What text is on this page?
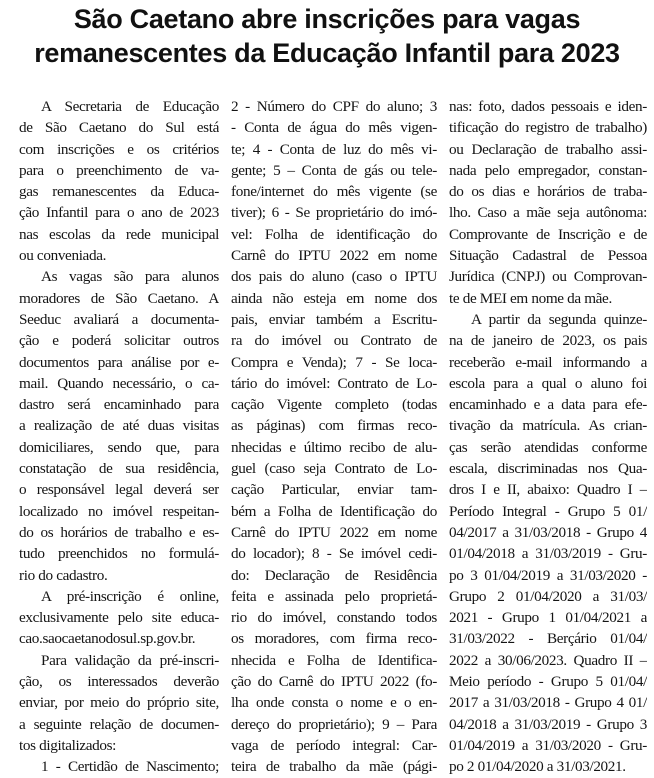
São Caetano abre inscrições para vagas
remanescentes da Educação Infantil para 2023
A Secretaria de Educação
de São Caetano do Sul está
com inscrições e os critérios
para o preenchimento de va-
gas remanescentes da Educa-
ção Infantil para o ano de 2023
nas escolas da rede municipal
ou conveniada.
As vagas são para alunos
moradores de São Caetano. A
Seeduc avaliará a documenta-
ção e poderá solicitar outros
documentos para análise por e-
mail. Quando necessário, o ca-
dastro será encaminhado para
a realização de até duas visitas
domiciliares, sendo que, para
constatação de sua residência,
o responsável legal deverá ser
localizado no imóvel respeitan-
do os horários de trabalho e es-
tudo preenchidos no formulá-
rio do cadastro.
A pré-inscrição é online,
exclusivamente pelo site educa-
cao.saocaetanodosul.sp.gov.br.
Para validação da pré-inscri-
ção, os interessados deverão
enviar, por meio do próprio site,
a seguinte relação de documen-
tos digitalizados:
1 - Certidão de Nascimento;
2 - Número do CPF do aluno; 3
- Conta de água do mês vigen-
te; 4 - Conta de luz do mês vi-
gente; 5 – Conta de gás ou tele-
fone/internet do mês vigente (se
tiver); 6 - Se proprietário do imó-
vel: Folha de identificação do
Carnê do IPTU 2022 em nome
dos pais do aluno (caso o IPTU
ainda não esteja em nome dos
pais, enviar também a Escritu-
ra do imóvel ou Contrato de
Compra e Venda); 7 - Se loca-
tário do imóvel: Contrato de Lo-
cação Vigente completo (todas
as páginas) com firmas reco-
nhecidas e último recibo de alu-
guel (caso seja Contrato de Lo-
cação Particular, enviar tam-
bém a Folha de Identificação do
Carnê do IPTU 2022 em nome
do locador); 8 - Se imóvel cedi-
do: Declaração de Residência
feita e assinada pelo proprietá-
rio do imóvel, constando todos
os moradores, com firma reco-
nhecida e Folha de Identifica-
ção do Carnê do IPTU 2022 (fo-
lha onde consta o nome e o en-
dereço do proprietário); 9 – Para
vaga de período integral: Car-
teira de trabalho da mãe (pági-
nas: foto, dados pessoais e iden-
tificação do registro de trabalho)
ou Declaração de trabalho assi-
nada pelo empregador, constan-
do os dias e horários de traba-
lho. Caso a mãe seja autônoma:
Comprovante de Inscrição e de
Situação Cadastral de Pessoa
Jurídica (CNPJ) ou Comprovan-
te de MEI em nome da mãe.
A partir da segunda quinze-
na de janeiro de 2023, os pais
receberão e-mail informando a
escola para a qual o aluno foi
encaminhado e a data para efe-
tivação da matrícula. As crian-
ças serão atendidas conforme
escala, discriminadas nos Qua-
dros I e II, abaixo: Quadro I –
Período Integral - Grupo 5 01/
04/2017 a 31/03/2018 - Grupo 4
01/04/2018 a 31/03/2019 - Gru-
po 3 01/04/2019 a 31/03/2020 -
Grupo 2 01/04/2020 a 31/03/
2021 - Grupo 1 01/04/2021 a
31/03/2022 - Berçário 01/04/
2022 a 30/06/2023. Quadro II –
Meio período - Grupo 5 01/04/
2017 a 31/03/2018 - Grupo 4 01/
04/2018 a 31/03/2019 - Grupo 3
01/04/2019 a 31/03/2020 - Gru-
po 2 01/04/2020 a 31/03/2021.
